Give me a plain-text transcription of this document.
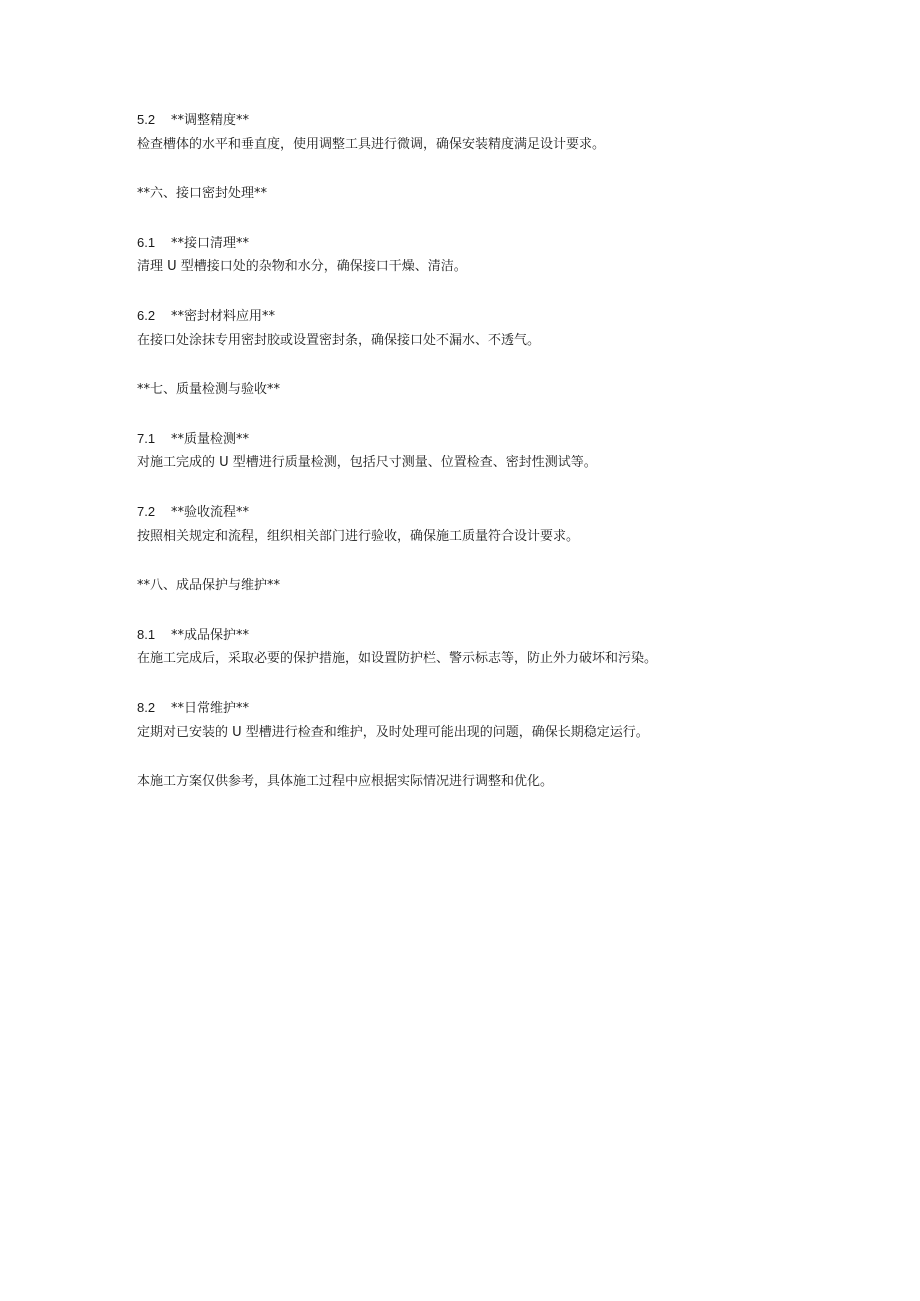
5.2 **调整精度**
检查槽体的水平和垂直度，使用调整工具进行微调，确保安装精度满足设计要求。
**六、接口密封处理**
6.1 **接口清理**
清理 U 型槽接口处的杂物和水分，确保接口干燥、清洁。
6.2 **密封材料应用**
在接口处涂抹专用密封胶或设置密封条，确保接口处不漏水、不透气。
**七、质量检测与验收**
7.1 **质量检测**
对施工完成的 U 型槽进行质量检测，包括尺寸测量、位置检查、密封性测试等。
7.2 **验收流程**
按照相关规定和流程，组织相关部门进行验收，确保施工质量符合设计要求。
**八、成品保护与维护**
8.1 **成品保护**
在施工完成后，采取必要的保护措施，如设置防护栏、警示标志等，防止外力破坏和污染。
8.2 **日常维护**
定期对已安装的 U 型槽进行检查和维护，及时处理可能出现的问题，确保长期稳定运行。
本施工方案仅供参考，具体施工过程中应根据实际情况进行调整和优化。
